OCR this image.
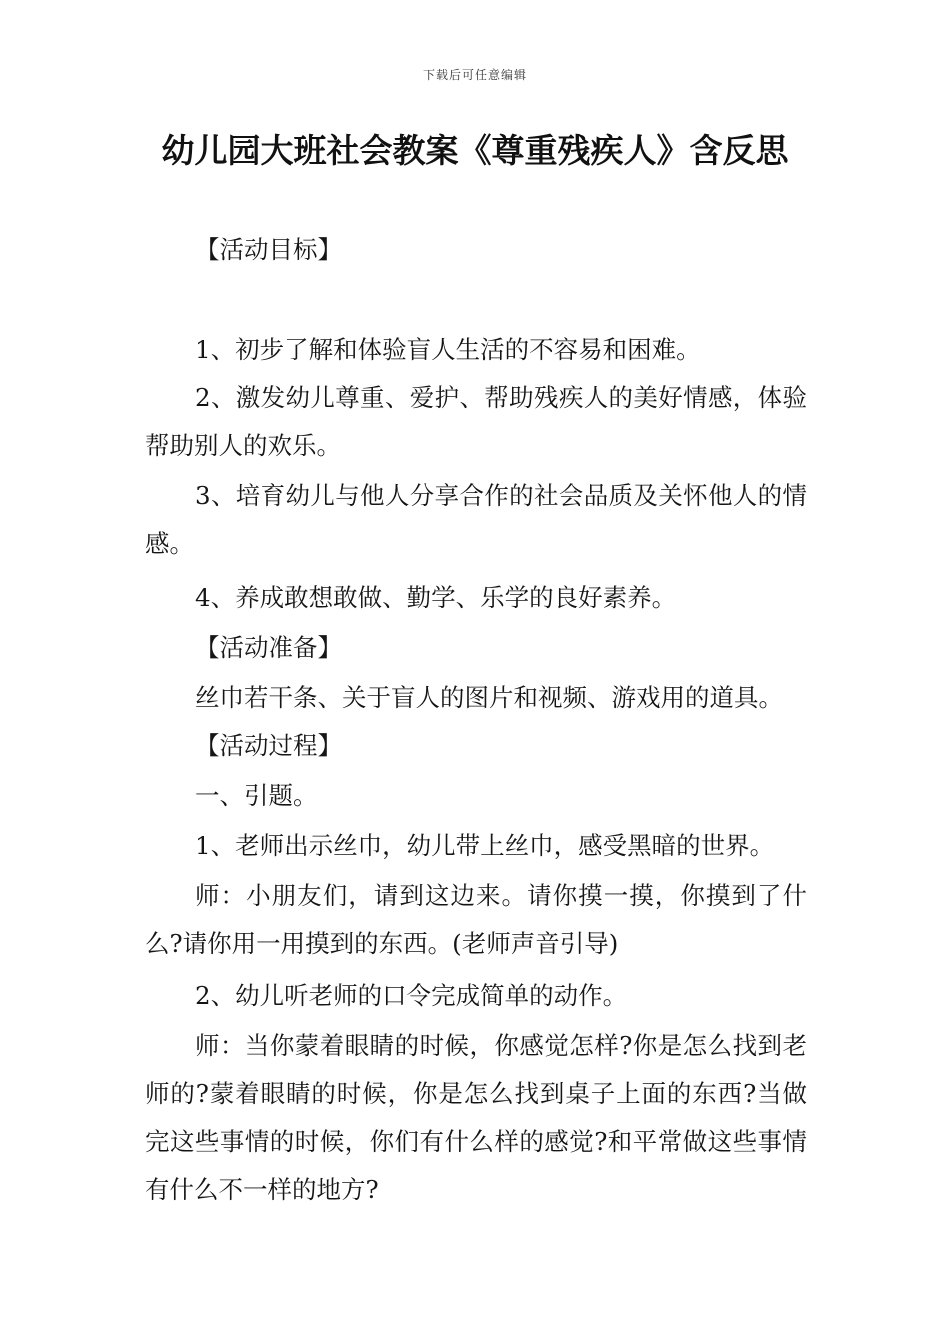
下载后可任意编辑
幼儿园大班社会教案《尊重残疾人》含反思

【活动目标】

1、初步了解和体验盲人生活的不容易和困难。

2、激发幼儿尊重、爱护、帮助残疾人的美好情感，体验帮助别人的欢乐。

3、培育幼儿与他人分享合作的社会品质及关怀他人的情感。

4、养成敢想敢做、勤学、乐学的良好素养。

【活动准备】

丝巾若干条、关于盲人的图片和视频、游戏用的道具。

【活动过程】

一、引题。

1、老师出示丝巾，幼儿带上丝巾，感受黑暗的世界。

师：小朋友们，请到这边来。请你摸一摸，你摸到了什么?请你用一用摸到的东西。(老师声音引导)

2、幼儿听老师的口令完成简单的动作。

师：当你蒙着眼睛的时候，你感觉怎样?你是怎么找到老师的?蒙着眼睛的时候，你是怎么找到桌子上面的东西?当做完这些事情的时候，你们有什么样的感觉?和平常做这些事情有什么不一样的地方?
